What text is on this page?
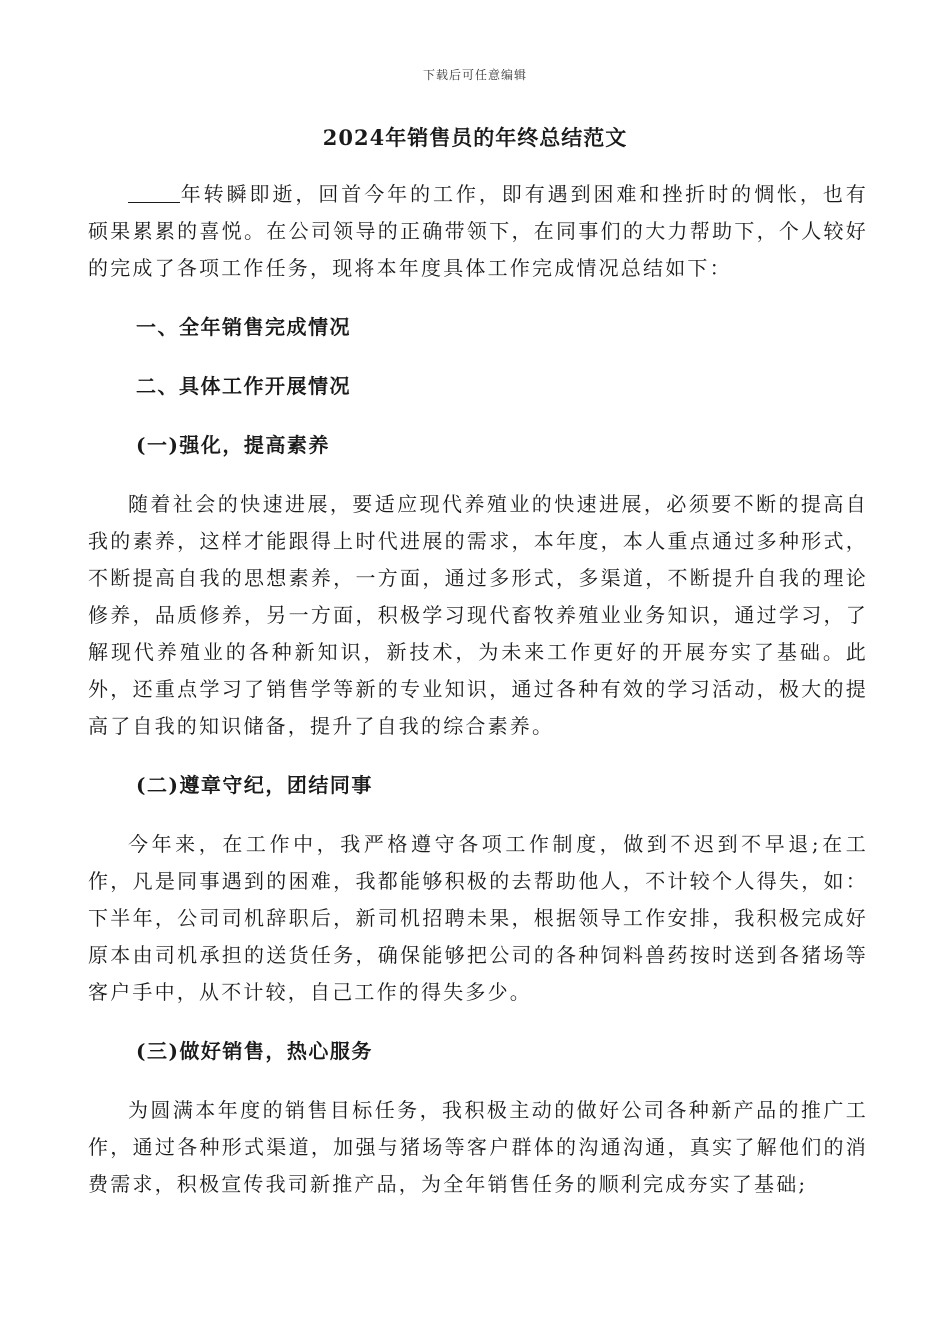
下载后可任意编辑
2024年销售员的年终总结范文

年转瞬即逝，回首今年的工作，即有遇到困难和挫折时的惆怅，也有硕果累累的喜悦。在公司领导的正确带领下，在同事们的大力帮助下，个人较好的完成了各项工作任务，现将本年度具体工作完成情况总结如下：

一、全年销售完成情况

二、具体工作开展情况

(一)强化，提高素养

随着社会的快速进展，要适应现代养殖业的快速进展，必须要不断的提高自我的素养，这样才能跟得上时代进展的需求，本年度，本人重点通过多种形式，不断提高自我的思想素养，一方面，通过多形式，多渠道，不断提升自我的理论修养，品质修养，另一方面，积极学习现代畜牧养殖业业务知识，通过学习，了解现代养殖业的各种新知识，新技术，为未来工作更好的开展夯实了基础。此外，还重点学习了销售学等新的专业知识，通过各种有效的学习活动，极大的提高了自我的知识储备，提升了自我的综合素养。

(二)遵章守纪，团结同事

今年来，在工作中，我严格遵守各项工作制度，做到不迟到不早退;在工作，凡是同事遇到的困难，我都能够积极的去帮助他人，不计较个人得失，如：下半年，公司司机辞职后，新司机招聘未果，根据领导工作安排，我积极完成好原本由司机承担的送货任务，确保能够把公司的各种饲料兽药按时送到各猪场等客户手中，从不计较，自己工作的得失多少。

(三)做好销售，热心服务

为圆满本年度的销售目标任务，我积极主动的做好公司各种新产品的推广工作，通过各种形式渠道，加强与猪场等客户群体的沟通沟通，真实了解他们的消费需求，积极宣传我司新推产品，为全年销售任务的顺利完成夯实了基础;
